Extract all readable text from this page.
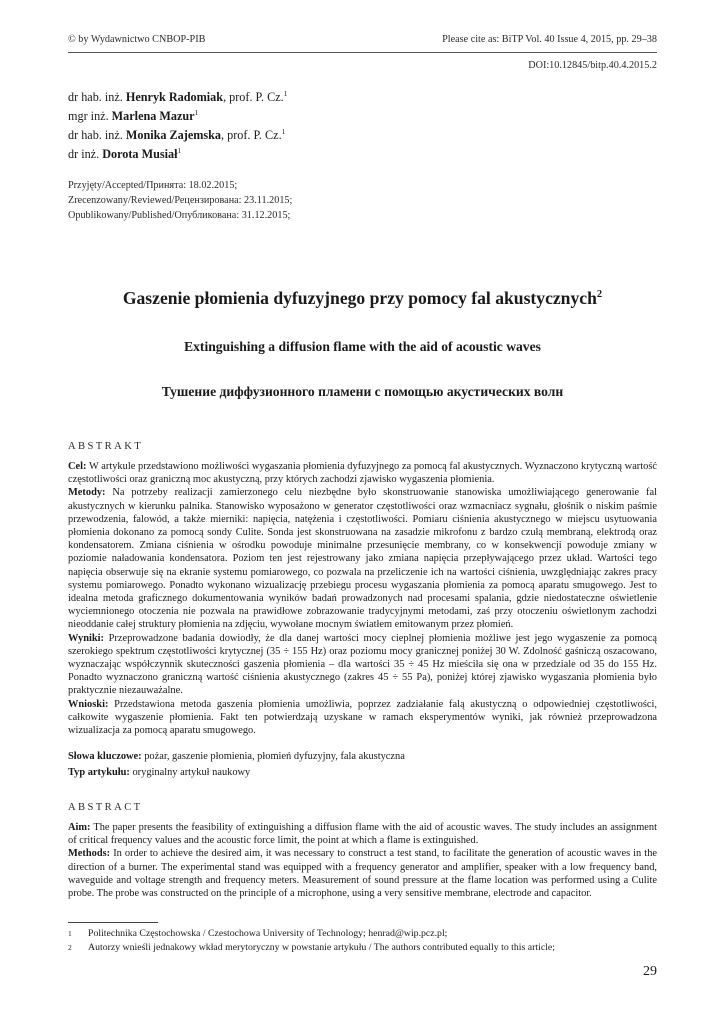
© by Wydawnictwo CNBOP-PIB	Please cite as: BiTP Vol. 40 Issue 4, 2015, pp. 29–38
DOI:10.12845/bitp.40.4.2015.2
dr hab. inż. Henryk Radomiak, prof. P. Cz.$^1$
mgr inż. Marlena Mazur$^1$
dr hab. inż. Monika Zajemska, prof. P. Cz.$^1$
dr inż. Dorota Musiał$^1$
Przyjęty/Accepted/Принята: 18.02.2015;
Zrecenzowany/Reviewed/Рецензирована: 23.11.2015;
Opublikowany/Published/Опубликована: 31.12.2015;
Gaszenie płomienia dyfuzyjnego przy pomocy fal akustycznych$^2$
Extinguishing a diffusion flame with the aid of acoustic waves
Тушение диффузионного пламени с помощью акустических волн
ABSTRAKT

Cel: W artykule przedstawiono możliwości wygaszania płomienia dyfuzyjnego za pomocą fal akustycznych. Wyznaczono krytyczną wartość częstotliwości oraz graniczną moc akustyczną, przy których zachodzi zjawisko wygaszenia płomienia.

Metody: Na potrzeby realizacji zamierzonego celu niezbędne było skonstruowanie stanowiska umożliwiającego generowanie fal akustycznych w kierunku palnika. Stanowisko wyposażono w generator częstotliwości oraz wzmacniacz sygnału, głośnik o niskim paśmie przewodzenia, falowód, a także mierniki: napięcia, natężenia i częstotliwości. Pomiaru ciśnienia akustycznego w miejscu usytuowania płomienia dokonano za pomocą sondy Culite. Sonda jest skonstruowana na zasadzie mikrofonu z bardzo czułą membraną, elektrodą oraz kondensatorem. Zmiana ciśnienia w ośrodku powoduje minimalne przesunięcie membrany, co w konsekwencji powoduje zmiany w poziomie naładowania kondensatora. Poziom ten jest rejestrowany jako zmiana napięcia przepływającego przez układ. Wartości tego napięcia obserwuje się na ekranie systemu pomiarowego, co pozwala na przeliczenie ich na wartości ciśnienia, uwzględniając zakres pracy systemu pomiarowego. Ponadto wykonano wizualizację przebiegu procesu wygaszania płomienia za pomocą aparatu smugowego. Jest to idealna metoda graficznego dokumentowania wyników badań prowadzonych nad procesami spalania, gdzie niedostateczne oświetlenie wyciemnionego otoczenia nie pozwala na prawidłowe zobrazowanie tradycyjnymi metodami, zaś przy otoczeniu oświetlonym zachodzi nieoddanie całej struktury płomienia na zdjęciu, wywołane mocnym światłem emitowanym przez płomień.

Wyniki: Przeprowadzone badania dowiodły, że dla danej wartości mocy cieplnej płomienia możliwe jest jego wygaszenie za pomocą szerokiego spektrum częstotliwości krytycznej (35 ÷ 155 Hz) oraz poziomu mocy granicznej poniżej 30 W. Zdolność gaśniczą oszacowano, wyznaczając współczynnik skuteczności gaszenia płomienia – dla wartości 35 ÷ 45 Hz mieściła się ona w przedziale od 35 do 155 Hz. Ponadto wyznaczono graniczną wartość ciśnienia akustycznego (zakres 45 ÷ 55 Pa), poniżej której zjawisko wygaszania płomienia było praktycznie niezauważalne.

Wnioski: Przedstawiona metoda gaszenia płomienia umożliwia, poprzez zadziałanie falą akustyczną o odpowiedniej częstotliwości, całkowite wygaszenie płomienia. Fakt ten potwierdzają uzyskane w ramach eksperymentów wyniki, jak również przeprowadzona wizualizacja za pomocą aparatu smugowego.

Słowa kluczowe: pożar, gaszenie płomienia, płomień dyfuzyjny, fala akustyczna
Typ artykułu: oryginalny artykuł naukowy
ABSTRACT

Aim: The paper presents the feasibility of extinguishing a diffusion flame with the aid of acoustic waves. The study includes an assignment of critical frequency values and the acoustic force limit, the point at which a flame is extinguished.

Methods: In order to achieve the desired aim, it was necessary to construct a test stand, to facilitate the generation of acoustic waves in the direction of a burner. The experimental stand was equipped with a frequency generator and amplifier, speaker with a low frequency band, waveguide and voltage strength and frequency meters. Measurement of sound pressure at the flame location was performed using a Culite probe. The probe was constructed on the principle of a microphone, using a very sensitive membrane, electrode and capacitor.

1 Politechnika Częstochowska / Czestochowa University of Technology; henrad@wip.pcz.pl;
2 Autorzy wnieśli jednakowy wkład merytoryczny w powstanie artykułu / The authors contributed equally to this article;
29
